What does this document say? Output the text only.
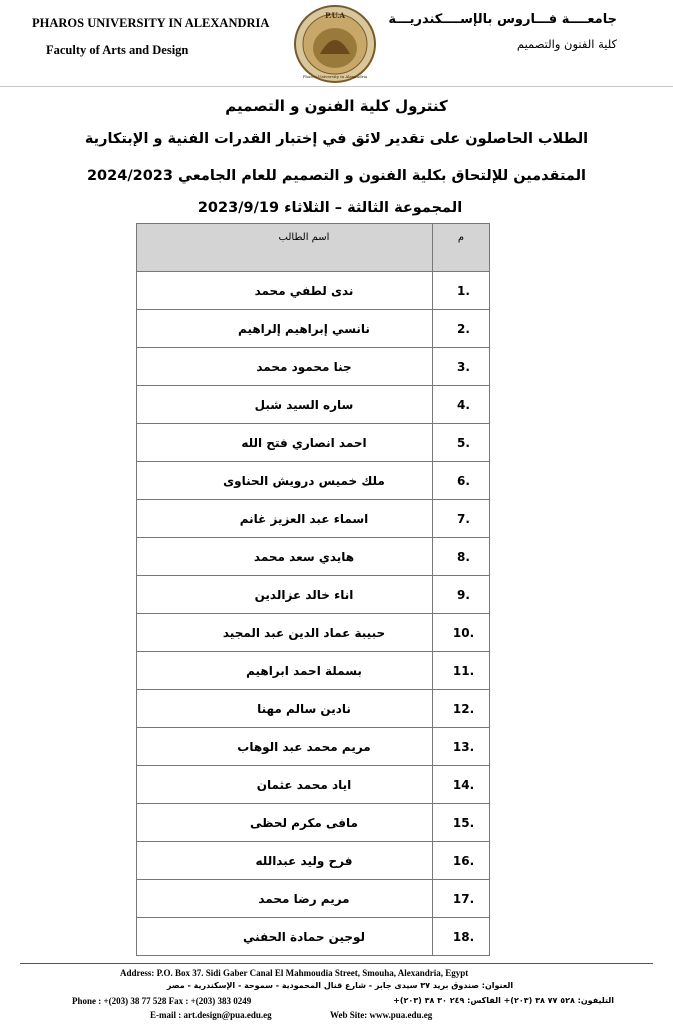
PHAROS UNIVERSITY IN ALEXANDRIA
Faculty of Arts and Design
P.U.A
Pharos University in Alexandria
جامعــــة فـــاروس بالإســــكندريـــة
كلية الفنون والتصميم
كنترول كلية الفنون و التصميم
الطلاب الحاصلون على تقدير لائق في إختبار القدرات الفنية و الإبتكارية
المتقدمين للإلتحاق بكلية الفنون و التصميم للعام الجامعي 2024/2023
المجموعة الثالثة – الثلاثاء 2023/9/19
م	اسم الطالب
.1	ندى لطفي محمد
.2	نانسي إبراهيم إلراهيم
.3	جنا محمود محمد
.4	ساره السيد شبل
.5	احمد انصاري فتح الله
.6	ملك خميس درويش الحناوى
.7	اسماء عبد العزيز غانم
.8	هايدي سعد محمد
.9	اناء خالد عزالدين
.10	حبيبة عماد الدين عبد المجيد
.11	بسملة احمد ابراهيم
.12	نادين سالم مهنا
.13	مريم محمد عبد الوهاب
.14	اياد محمد عثمان
.15	مافى مكرم لحظى
.16	فرح وليد عبدالله
.17	مريم رضا محمد
.18	لوجين حمادة الحفني
Address: P.O. Box 37. Sidi Gaber Canal El Mahmoudia Street, Smouha, Alexandria, Egypt
العنوان: صندوق بريد ٣٧ سيدى جابر - شارع قنال المحمودية - سموحة - الإسكندرية - مصر
Phone : +(203) 38 77 528 Fax : +(203) 383 0249	التليفون: ٥٢٨ ٧٧ ٣٨ (٢٠٣)+ الفاكس: ٢٤٩ ٣٠ ٣٨ (٢٠٣)+
E-mail : art.design@pua.edu.eg	Web Site: www.pua.edu.eg
